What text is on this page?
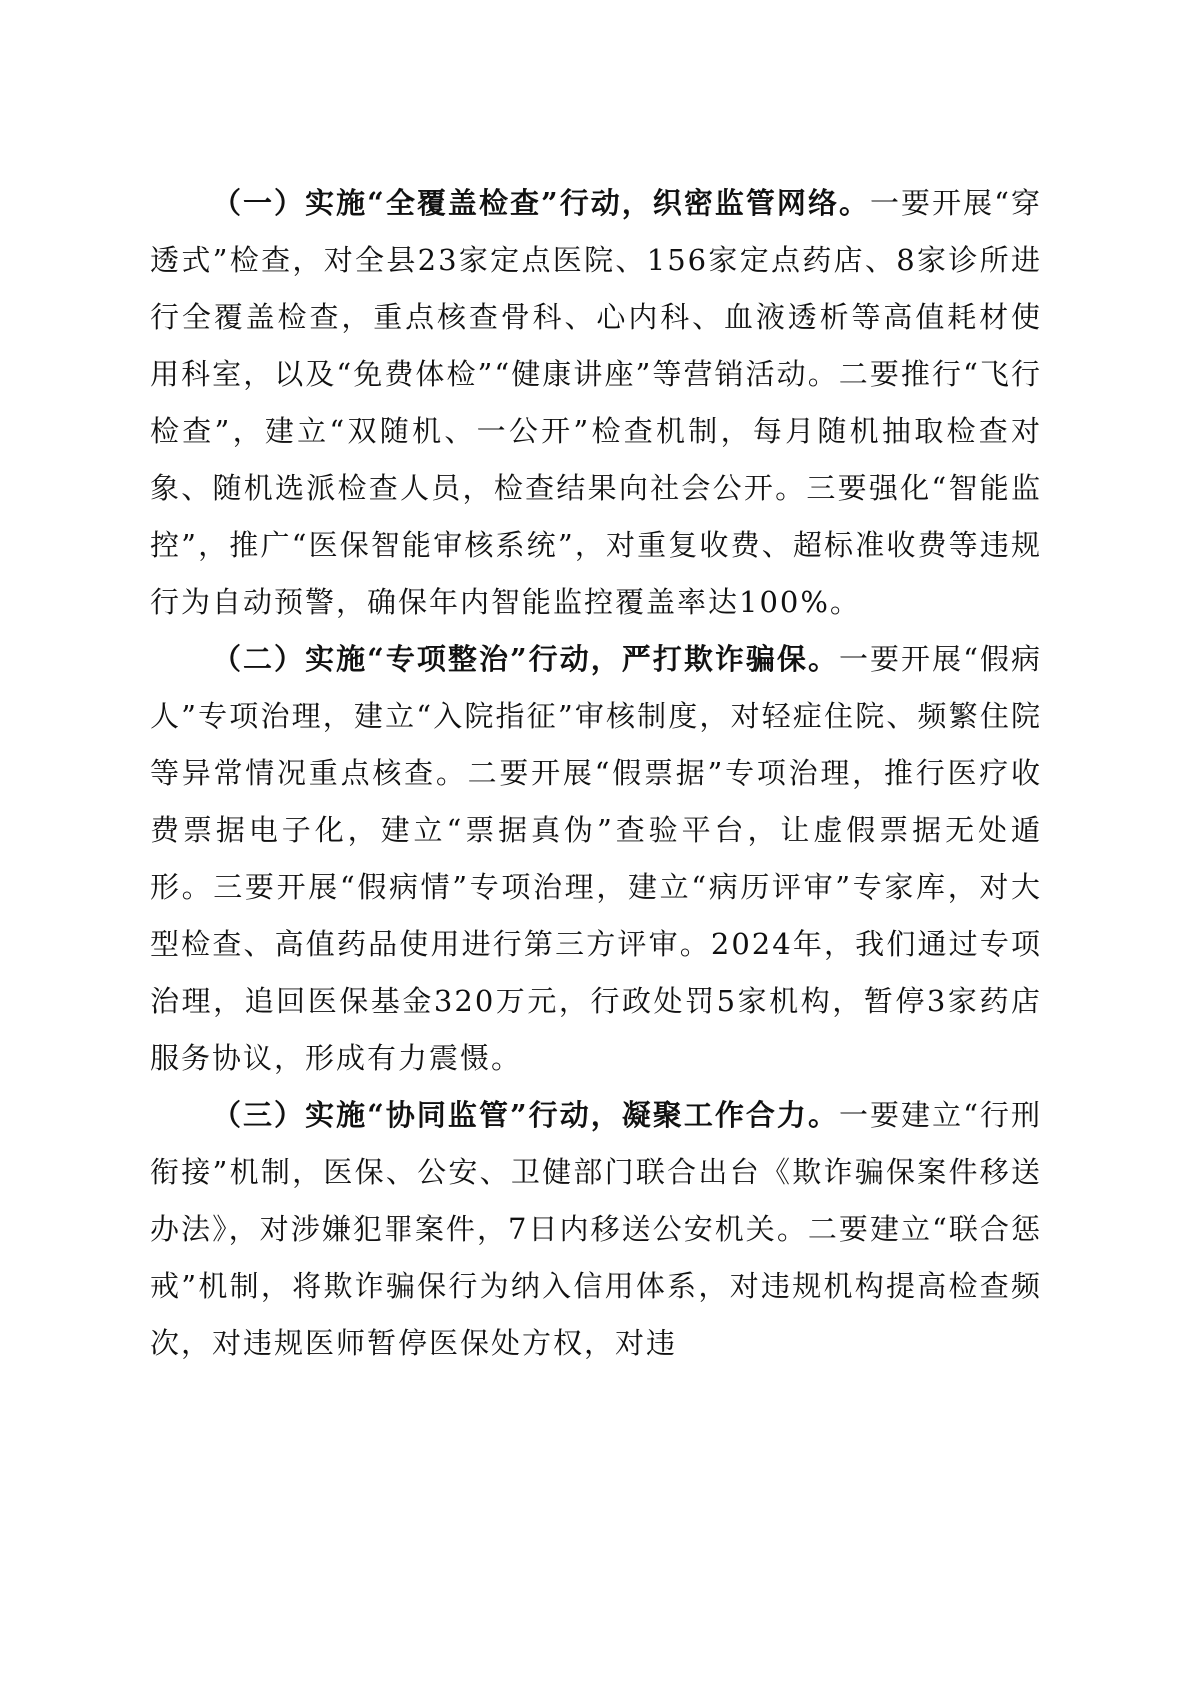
（一）实施“全覆盖检查”行动，织密监管网络。一要开展“穿透式”检查，对全县23家定点医院、156家定点药店、8家诊所进行全覆盖检查，重点核查骨科、心内科、血液透析等高值耗材使用科室，以及“免费体检”“健康讲座”等营销活动。二要推行“飞行检查”，建立“双随机、一公开”检查机制，每月随机抽取检查对象、随机选派检查人员，检查结果向社会公开。三要强化“智能监控”，推广“医保智能审核系统”，对重复收费、超标准收费等违规行为自动预警，确保年内智能监控覆盖率达100%。

（二）实施“专项整治”行动，严打欺诈骗保。一要开展“假病人”专项治理，建立“入院指征”审核制度，对轻症住院、频繁住院等异常情况重点核查。二要开展“假票据”专项治理，推行医疗收费票据电子化，建立“票据真伪”查验平台，让虚假票据无处遁形。三要开展“假病情”专项治理，建立“病历评审”专家库，对大型检查、高值药品使用进行第三方评审。2024年，我们通过专项治理，追回医保基金320万元，行政处罚5家机构，暂停3家药店服务协议，形成有力震慑。

（三）实施“协同监管”行动，凝聚工作合力。一要建立“行刑衔接”机制，医保、公安、卫健部门联合出台《欺诈骗保案件移送办法》，对涉嫌犯罪案件，7日内移送公安机关。二要建立“联合惩戒”机制，将欺诈骗保行为纳入信用体系，对违规机构提高检查频次，对违规医师暂停医保处方权，对违
